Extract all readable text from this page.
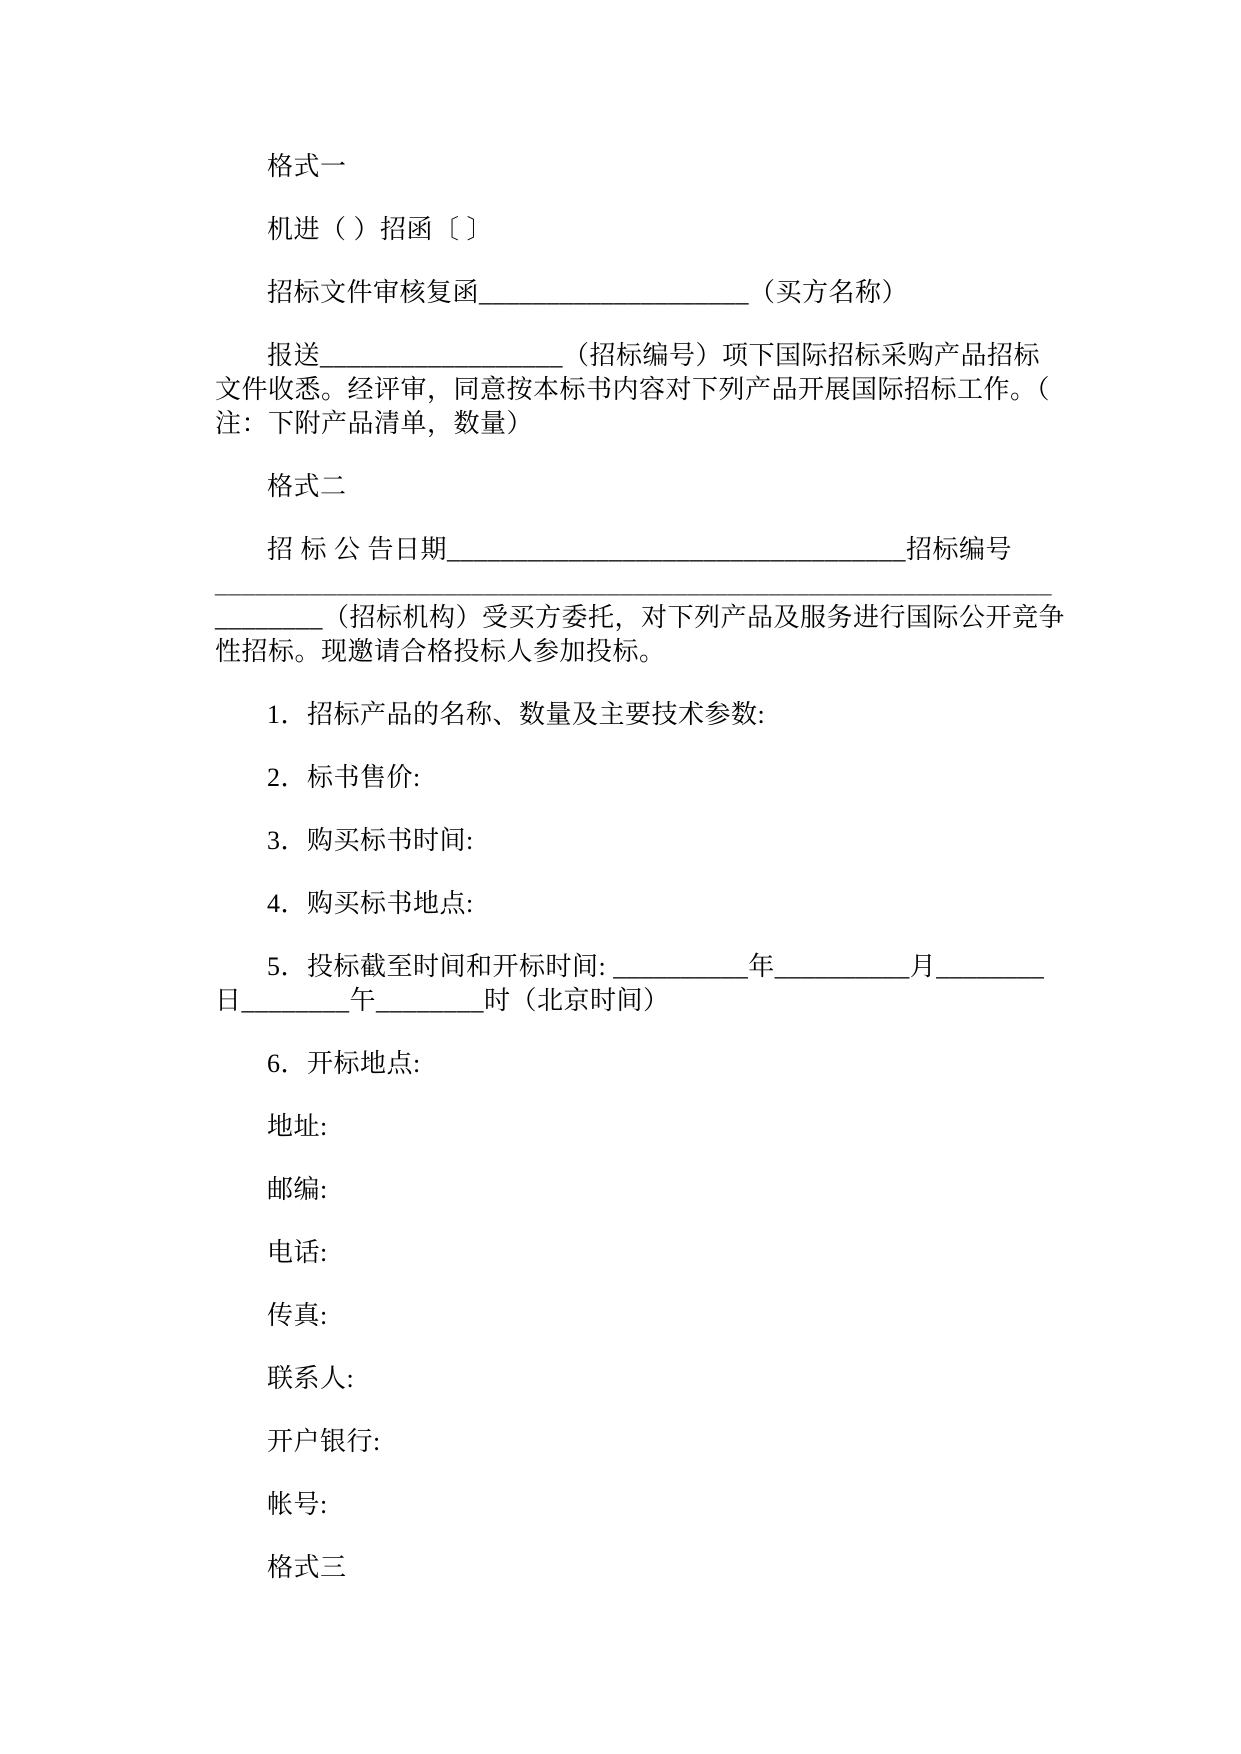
格式一
机进（ ）招函〔 〕
招标文件审核复函____________________（买方名称）
报送__________________（招标编号）项下国际招标采购产品招标
文件收悉。经评审，同意按本标书内容对下列产品开展国际招标工作。（
注：下附产品清单，数量）
格式二
招 标 公 告日期__________________________________招标编号
______________________________________________________________
________（招标机构）受买方委托，对下列产品及服务进行国际公开竞争
性招标。现邀请合格投标人参加投标。
1．招标产品的名称、数量及主要技术参数:
2．标书售价:
3．购买标书时间:
4．购买标书地点:
5．投标截至时间和开标时间: __________年__________月________
日________午________时（北京时间）
6．开标地点:
地址:
邮编:
电话:
传真:
联系人:
开户银行:
帐号:
格式三
